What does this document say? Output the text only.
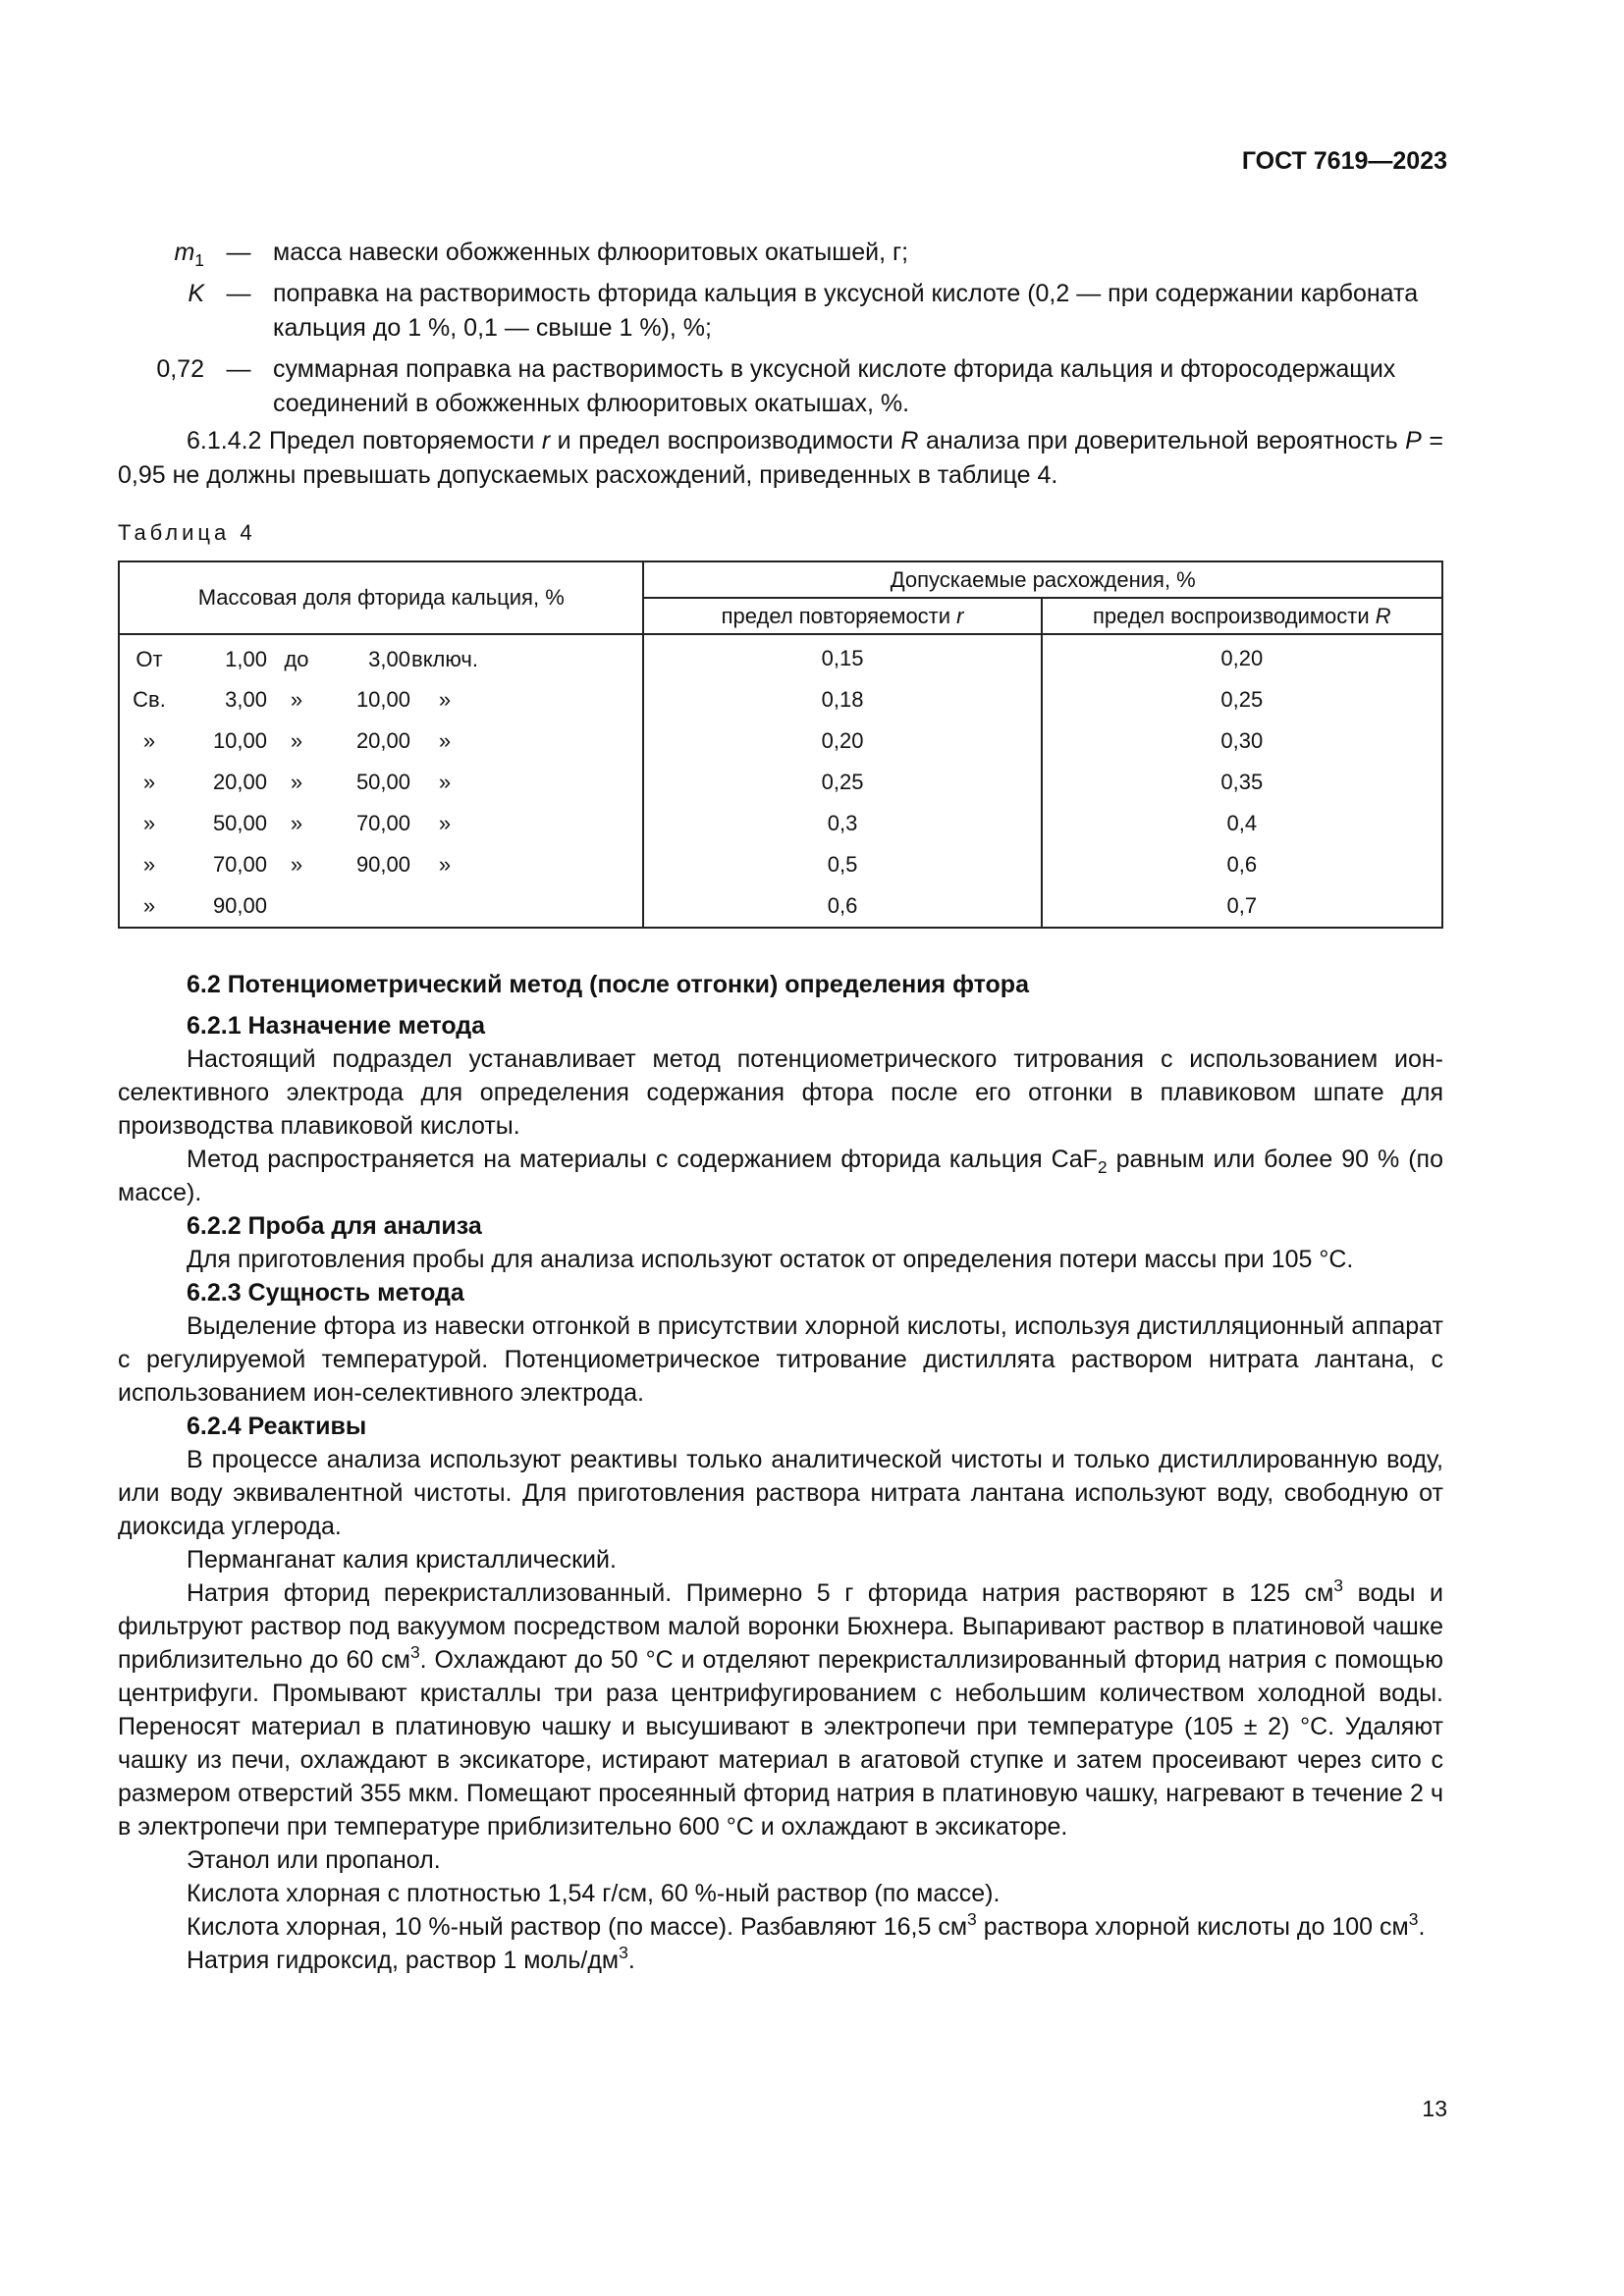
ГОСТ 7619—2023
$m_1$ — масса навески обожженных флюоритовых окатышей, г;
K — поправка на растворимость фторида кальция в уксусной кислоте (0,2 — при содержании карбоната кальция до 1 %, 0,1 — свыше 1 %), %;
0,72 — суммарная поправка на растворимость в уксусной кислоте фторида кальция и фторосодержащих соединений в обожженных флюоритовых окатышах, %.
6.1.4.2 Предел повторяемости r и предел воспроизводимости R анализа при доверительной вероятность P = 0,95 не должны превышать допускаемых расхождений, приведенных в таблице 4.
Таблица 4
Массовая доля фторида кальция, %	Допускаемые расхождения, %	
	предел повторяемости r	предел воспроизводимости R

От 1,00 до 3,00 включ.	0,15	0,20

Св. 3,00 » 10,00 »	0,18	0,25

» 10,00 » 20,00 »	0,20	0,30

» 20,00 » 50,00 »	0,25	0,35

» 50,00 » 70,00 »	0,3	0,4

» 70,00 » 90,00 »	0,5	0,6

» 90,00	0,6	0,7

6.2 Потенциометрический метод (после отгонки) определения фтора

6.2.1 Назначение метода

Настоящий подраздел устанавливает метод потенциометрического титрования с использованием ион-селективного электрода для определения содержания фтора после его отгонки в плавиковом шпате для производства плавиковой кислоты.

Метод распространяется на материалы с содержанием фторида кальция CaF$_2$ равным или более 90 % (по массе).

6.2.2 Проба для анализа

Для приготовления пробы для анализа используют остаток от определения потери массы при 105 °C.

6.2.3 Сущность метода

Выделение фтора из навески отгонкой в присутствии хлорной кислоты, используя дистилляционный аппарат с регулируемой температурой. Потенциометрическое титрование дистиллята раствором нитрата лантана, с использованием ион-селективного электрода.

6.2.4 Реактивы

В процессе анализа используют реактивы только аналитической чистоты и только дистиллированную воду, или воду эквивалентной чистоты. Для приготовления раствора нитрата лантана используют воду, свободную от диоксида углерода.

Перманганат калия кристаллический.

Натрия фторид перекристаллизованный. Примерно 5 г фторида натрия растворяют в 125 $см^3$ воды и фильтруют раствор под вакуумом посредством малой воронки Бюхнера. Выпаривают раствор в платиновой чашке приблизительно до 60 $см^3$. Охлаждают до 50 °C и отделяют перекристаллизированный фторид натрия с помощью центрифуги. Промывают кристаллы три раза центрифугированием с небольшим количеством холодной воды. Переносят материал в платиновую чашку и высушивают в электропечи при температуре (105 ± 2) °C. Удаляют чашку из печи, охлаждают в эксикаторе, истирают материал в агатовой ступке и затем просеивают через сито с размером отверстий 355 мкм. Помещают просеянный фторид натрия в платиновую чашку, нагревают в течение 2 ч в электропечи при температуре приблизительно 600 °C и охлаждают в эксикаторе.

Этанол или пропанол.

Кислота хлорная с плотностью 1,54 г/см, 60 %-ный раствор (по массе).

Кислота хлорная, 10 %-ный раствор (по массе). Разбавляют 16,5 $см^3$ раствора хлорной кислоты до 100 $см^3$.

Натрия гидроксид, раствор 1 моль/$дм^3$.

13
